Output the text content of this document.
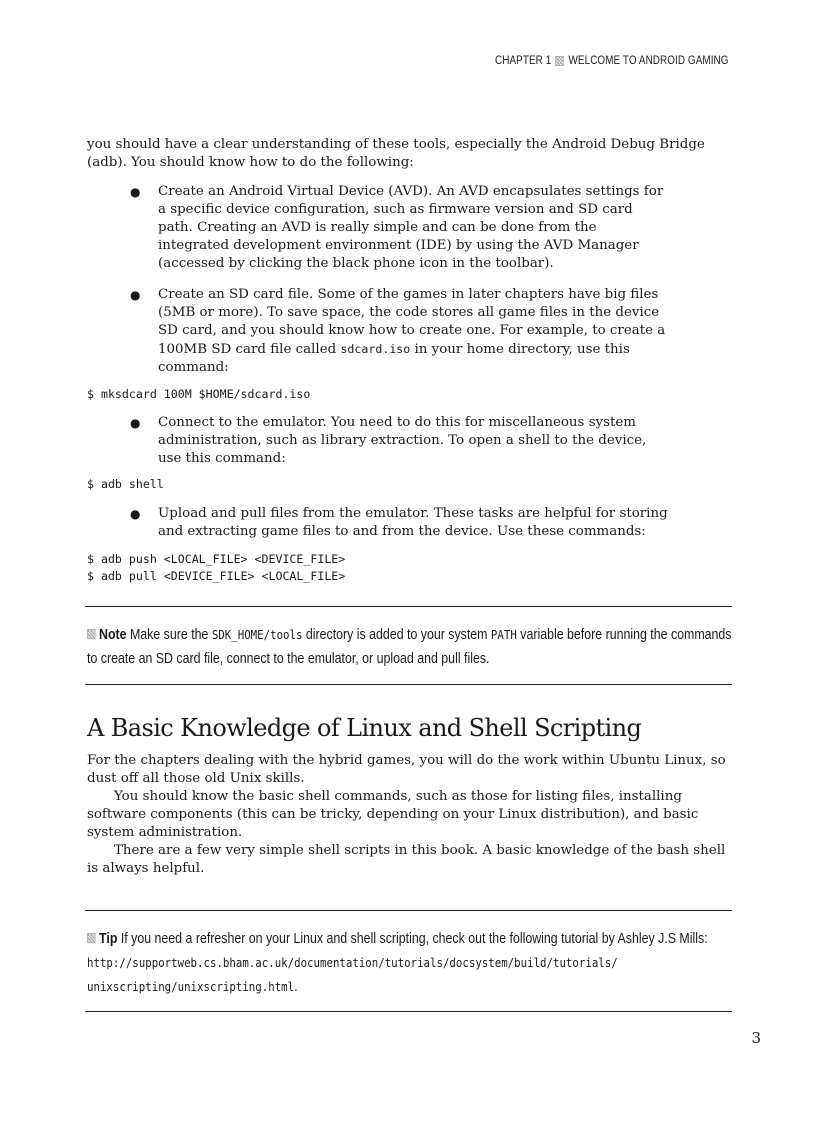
CHAPTER 1 WELCOME TO ANDROID GAMING

you should have a clear understanding of these tools, especially the Android Debug Bridge (adb). You should know how to do the following:

● Create an Android Virtual Device (AVD). An AVD encapsulates settings for a specific device configuration, such as firmware version and SD card path. Creating an AVD is really simple and can be done from the integrated development environment (IDE) by using the AVD Manager (accessed by clicking the black phone icon in the toolbar).
● Create an SD card file. Some of the games in later chapters have big files (5MB or more). To save space, the code stores all game files in the device SD card, and you should know how to create one. For example, to create a 100MB SD card file called sdcard.iso in your home directory, use this command:
$ mksdcard 100M $HOME/sdcard.iso
● Connect to the emulator. You need to do this for miscellaneous system administration, such as library extraction. To open a shell to the device, use this command:
$ adb shell
● Upload and pull files from the emulator. These tasks are helpful for storing and extracting game files to and from the device. Use these commands:
$ adb push <LOCAL_FILE> <DEVICE_FILE>
$ adb pull <DEVICE_FILE> <LOCAL_FILE>
Note Make sure the SDK_HOME/tools directory is added to your system PATH variable before running the commands to create an SD card file, connect to the emulator, or upload and pull files.
A Basic Knowledge of Linux and Shell Scripting

For the chapters dealing with the hybrid games, you will do the work within Ubuntu Linux, so dust off all those old Unix skills.

You should know the basic shell commands, such as those for listing files, installing software components (this can be tricky, depending on your Linux distribution), and basic system administration.

There are a few very simple shell scripts in this book. A basic knowledge of the bash shell is always helpful.

Tip If you need a refresher on your Linux and shell scripting, check out the following tutorial by Ashley J.S Mills:
http://supportweb.cs.bham.ac.uk/documentation/tutorials/docsystem/build/tutorials/
unixscripting/unixscripting.html.
3
